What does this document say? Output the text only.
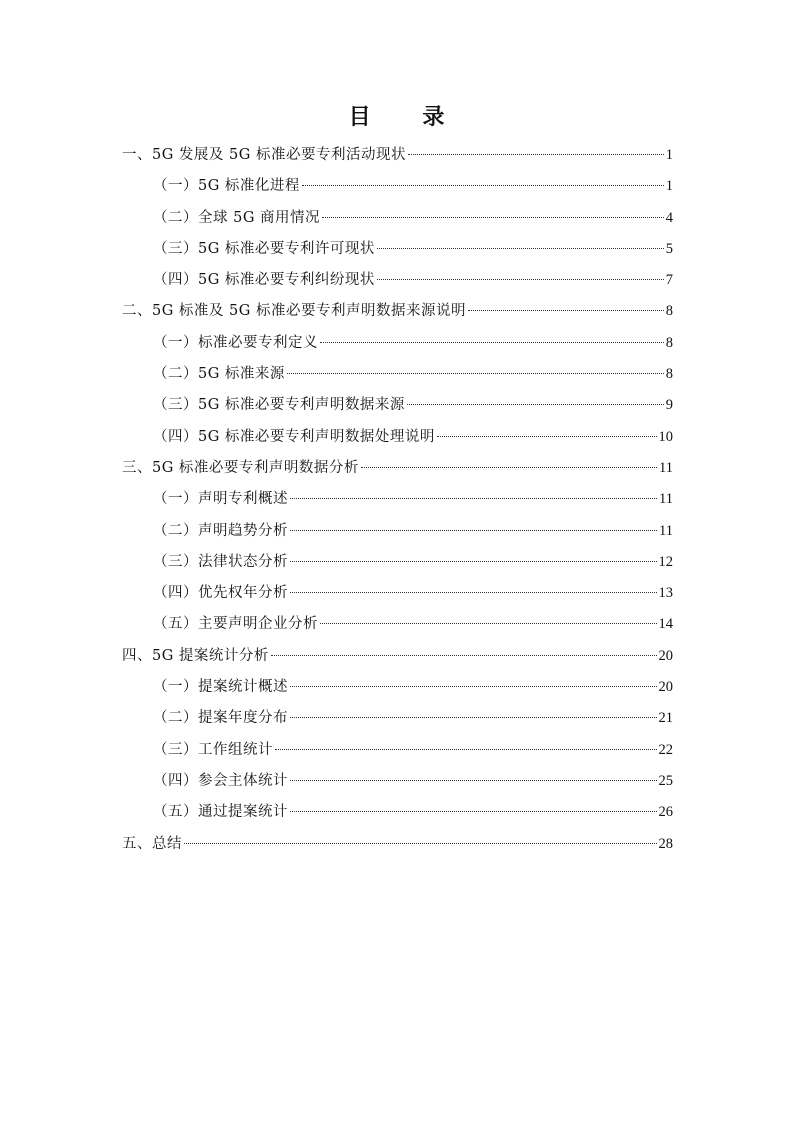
目 录
一、5G 发展及 5G 标准必要专利活动现状	1
（一）5G 标准化进程	1
（二）全球 5G 商用情况	4
（三）5G 标准必要专利许可现状	5
（四）5G 标准必要专利纠纷现状	7
二、5G 标准及 5G 标准必要专利声明数据来源说明	8
（一）标准必要专利定义	8
（二）5G 标准来源	8
（三）5G 标准必要专利声明数据来源	9
（四）5G 标准必要专利声明数据处理说明	10
三、5G 标准必要专利声明数据分析	11
（一）声明专利概述	11
（二）声明趋势分析	11
（三）法律状态分析	12
（四）优先权年分析	13
（五）主要声明企业分析	14
四、5G 提案统计分析	20
（一）提案统计概述	20
（二）提案年度分布	21
（三）工作组统计	22
（四）参会主体统计	25
（五）通过提案统计	26
五、总结	28
